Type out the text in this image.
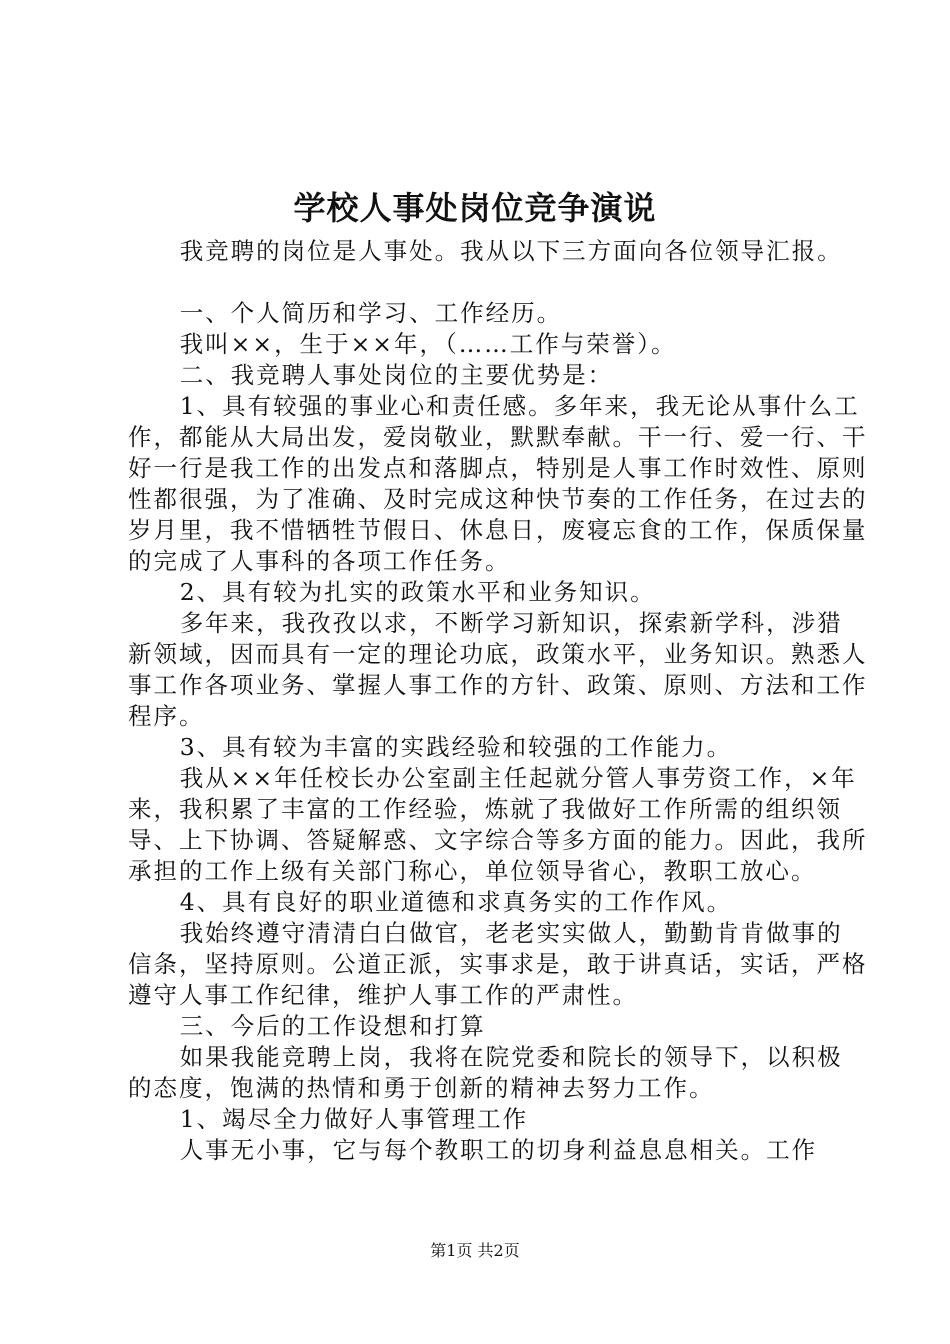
学校人事处岗位竞争演说

我竞聘的岗位是人事处。我从以下三方面向各位领导汇报。

一、个人简历和学习、工作经历。

我叫××，生于××年，（……工作与荣誉）。

二、我竞聘人事处岗位的主要优势是：

1、具有较强的事业心和责任感。多年来，我无论从事什么工作，都能从大局出发，爱岗敬业，默默奉献。干一行、爱一行、干好一行是我工作的出发点和落脚点，特别是人事工作时效性、原则性都很强，为了准确、及时完成这种快节奏的工作任务，在过去的岁月里，我不惜牺牲节假日、休息日，废寝忘食的工作，保质保量的完成了人事科的各项工作任务。

2、具有较为扎实的政策水平和业务知识。

多年来，我孜孜以求，不断学习新知识，探索新学科，涉猎新领域，因而具有一定的理论功底，政策水平，业务知识。熟悉人事工作各项业务、掌握人事工作的方针、政策、原则、方法和工作程序。

3、具有较为丰富的实践经验和较强的工作能力。

我从××年任校长办公室副主任起就分管人事劳资工作，×年来，我积累了丰富的工作经验，炼就了我做好工作所需的组织领导、上下协调、答疑解惑、文字综合等多方面的能力。因此，我所承担的工作上级有关部门称心，单位领导省心，教职工放心。

4、具有良好的职业道德和求真务实的工作作风。

我始终遵守清清白白做官，老老实实做人，勤勤肯肯做事的信条，坚持原则。公道正派，实事求是，敢于讲真话，实话，严格遵守人事工作纪律，维护人事工作的严肃性。

三、今后的工作设想和打算

如果我能竞聘上岗，我将在院党委和院长的领导下，以积极的态度，饱满的热情和勇于创新的精神去努力工作。

1、竭尽全力做好人事管理工作

人事无小事，它与每个教职工的切身利益息息相关。工作

第1页 共2页
